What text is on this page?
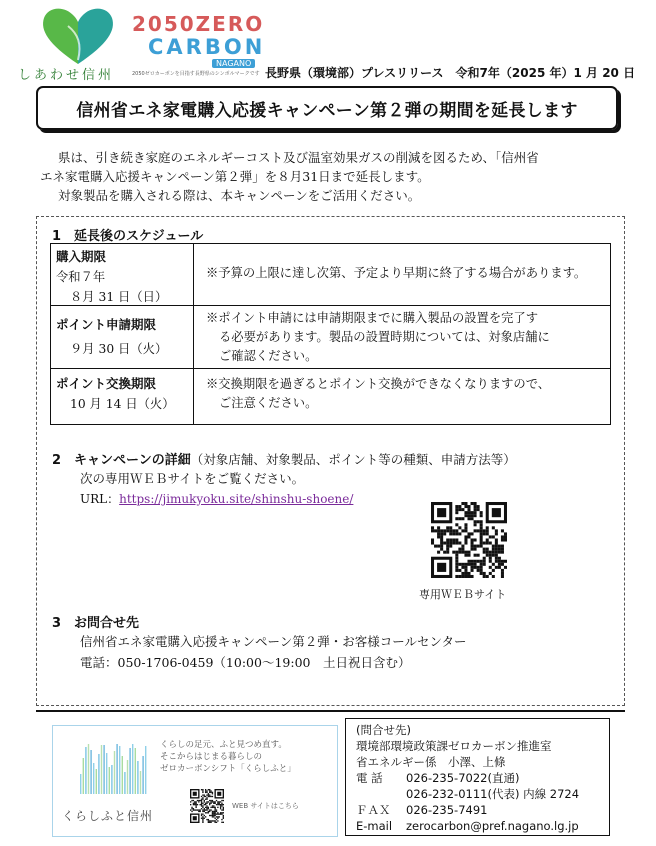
しあわせ信州
2050ZERO
CARBON
NAGANO
2050ゼロカーボンを目指す長野県のシンボルマークです 長野県（環境部）プレスリリース　令和7年（2025 年）1 月 20 日
信州省エネ家電購入応援キャンペーン第２弾の期間を延長します
県は、引き続き家庭のエネルギーコスト及び温室効果ガスの削減を図るため、「信州省
エネ家電購入応援キャンペーン第２弾」を８月31日まで延長します。
対象製品を購入される際は、本キャンペーンをご活用ください。
1　延長後のスケジュール
購入期限
令和７年
８月 31 日（日）
※予算の上限に達し次第、予定より早期に終了する場合があります。
ポイント申請期限
９月 30 日（火）
※ポイント申請には申請期限までに購入製品の設置を完了す
る必要があります。製品の設置時期については、対象店舗に
ご確認ください。
ポイント交換期限
10 月 14 日（火）
※交換期限を過ぎるとポイント交換ができなくなりますので、
ご注意ください。
2　キャンペーンの詳細（対象店舗、対象製品、ポイント等の種類、申請方法等）
次の専用ＷＥＢサイトをご覧ください。
URL：https://jimukyoku.site/shinshu-shoene/
専用ＷＥＢサイト
3　お問合せ先
信州省エネ家電購入応援キャンペーン第２弾・お客様コールセンター
電話：050-1706-0459（10:00～19:00　土日祝日含む）
くらしふと信州
くらしの足元、ふと見つめ直す。
そこからはじまる暮らしの
ゼロカーボンシフト「くらしふと」
WEB サイトはこちら
(問合せ先)
環境部環境政策課ゼロカーボン推進室
省エネルギー係　小澤、上條
電 話 026-235-7022(直通)
026-232-0111(代表) 内線 2724
ＦＡＸ 026-235-7491
E-mail zerocarbon@pref.nagano.lg.jp
